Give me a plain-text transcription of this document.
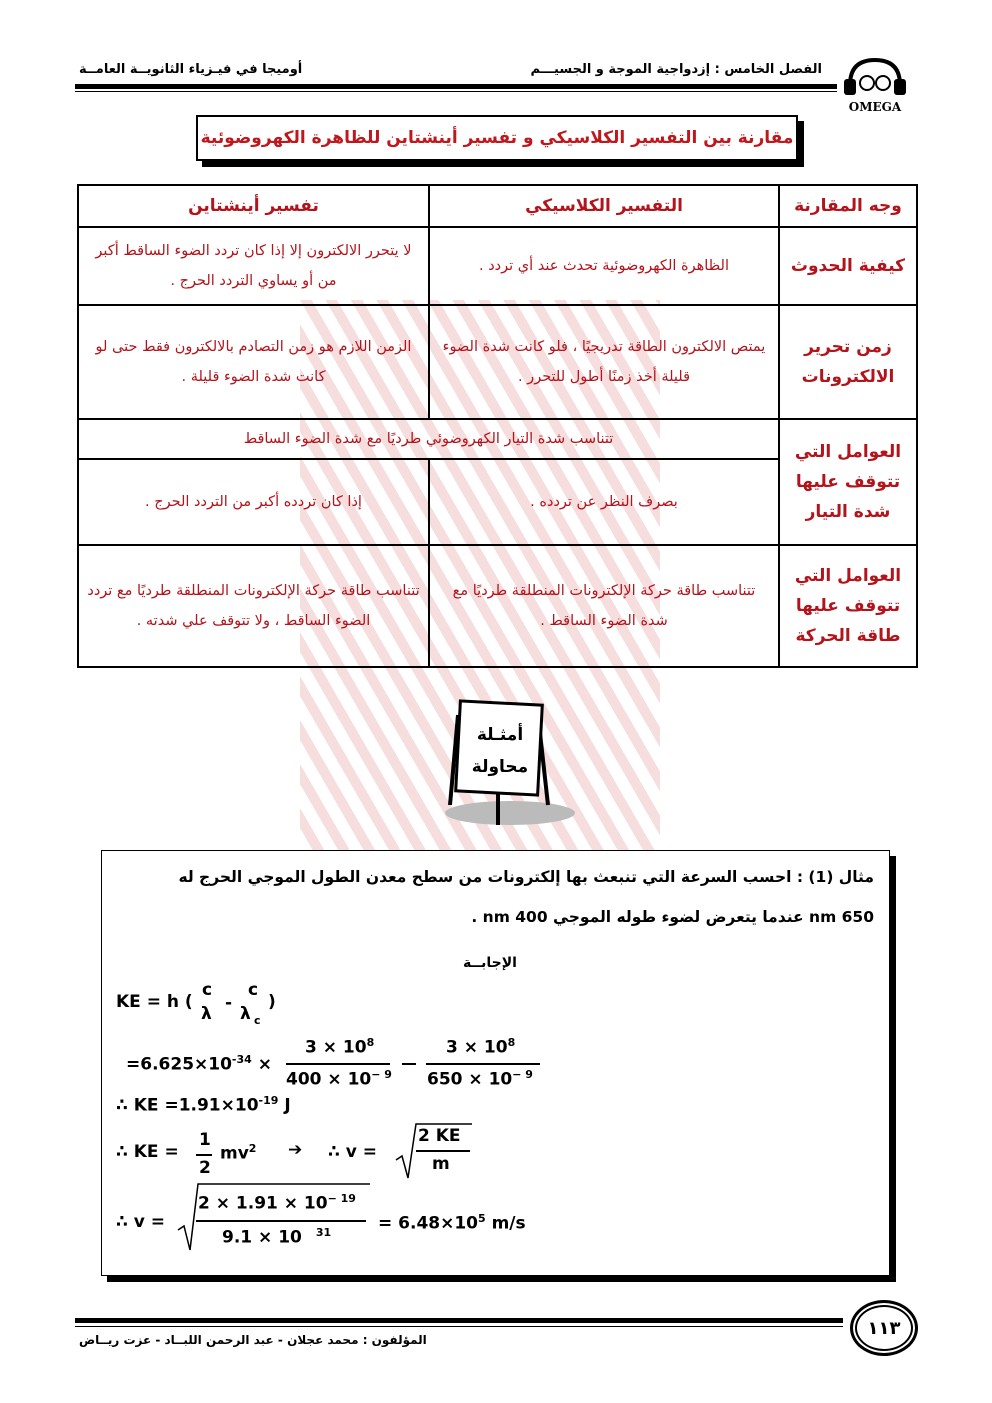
OMEGA
الفصل الخامس : إزدواجية الموجة و الجسيـــم
أوميجا في فيـزياء الثانويــة العامــة
مقارنة بين التفسير الكلاسيكي و تفسير أينشتاين للظاهرة الكهروضوئية
وجه المقارنة	التفسير الكلاسيكي	تفسير أينشتاين
كيفية الحدوث	الظاهرة الكهروضوئية تحدث عند أي تردد .	لا يتحرر الالكترون إلا إذا كان تردد الضوء الساقط أكبر من أو يساوي التردد الحرج .
زمن تحرير الالكترونات	يمتص الالكترون الطاقة تدريجيًا ، فلو كانت شدة الضوء قليلة أخذ زمنًا أطول للتحرر .	الزمن اللازم هو زمن التصادم بالالكترون فقط حتى لو كانت شدة الضوء قليلة .
العوامل التي تتوقف عليها شدة التيار	تتناسب شدة التيار الكهروضوئي طرديًا مع شدة الضوء الساقط	
	بصرف النظر عن تردده .	إذا كان تردده أكبر من التردد الحرج .
العوامل التي تتوقف عليها طاقة الحركة	تتناسب طاقة حركة الإلكترونات المنطلقة طرديًا مع شدة الضوء الساقط .	تتناسب طاقة حركة الإلكترونات المنطلقة طرديًا مع تردد الضوء الساقط ، ولا تتوقف علي شدته .
أمثـلة
محاولة
مثال (1) : احسب السرعة التي تنبعث بها إلكترونات من سطح معدن الطول الموجي الحرج له
650 nm عندما يتعرض لضوء طوله الموجي 400 nm .
الإجابــة
KE = h (
c
λ
-
c
λ c
)
$=6.625\times 10^{-34}$ ×
$3 \times 10^8$
$400 \times 10^{- 9}$
$3 \times 10^8$
$650 \times 10^{- 9}$
∴ KE $=1.91\times 10^{-19}$ J
∴ KE =
1
2
$mv^2$ ➔ ∴ v =
2 KE
m
∴ v =
$2 \times 1.91 \times 10^{- 19}$
9.1 × 10 $^{31}$	= $6.48\times 10^5$ m/s
المؤلفون : محمد عجلان - عبد الرحمن اللبــاد - عزت ريــاض
١١٣
